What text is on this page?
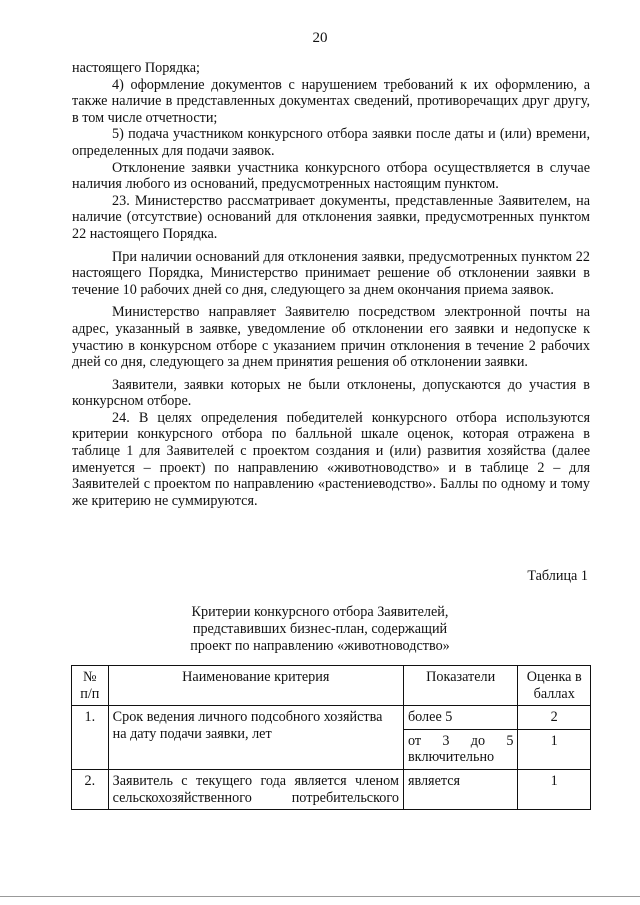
20

настоящего Порядка;

4) оформление документов с нарушением требований к их оформлению, а также наличие в представленных документах сведений, противоречащих друг другу, в том числе отчетности;

5) подача участником конкурсного отбора заявки после даты и (или) времени, определенных для подачи заявок.

Отклонение заявки участника конкурсного отбора осуществляется в случае наличия любого из оснований, предусмотренных настоящим пунктом.

23. Министерство рассматривает документы, представленные Заявителем, на наличие (отсутствие) оснований для отклонения заявки, предусмотренных пунктом 22 настоящего Порядка.

При наличии оснований для отклонения заявки, предусмотренных пунктом 22 настоящего Порядка, Министерство принимает решение об отклонении заявки в течение 10 рабочих дней со дня, следующего за днем окончания приема заявок.

Министерство направляет Заявителю посредством электронной почты на адрес, указанный в заявке, уведомление об отклонении его заявки и недопуске к участию в конкурсном отборе с указанием причин отклонения в течение 2 рабочих дней со дня, следующего за днем принятия решения об отклонении заявки.

Заявители, заявки которых не были отклонены, допускаются до участия в конкурсном отборе.

24. В целях определения победителей конкурсного отбора используются критерии конкурсного отбора по балльной шкале оценок, которая отражена в таблице 1 для Заявителей с проектом создания и (или) развития хозяйства (далее именуется – проект) по направлению «животноводство» и в таблице 2 – для Заявителей с проектом по направлению «растениеводство». Баллы по одному и тому же критерию не суммируются.

Таблица 1
Критерии конкурсного отбора Заявителей,
представивших бизнес-план, содержащий
проект по направлению «животноводство»
№ п/п	Наименование критерия	Показатели	Оценка в баллах
1.	Срок ведения личного подсобного хозяйства на дату подачи заявки, лет	более 5	2
		от 3 до 5 включительно	1
2.	Заявитель с текущего года является членом сельскохозяйственного потребительского	является	1
